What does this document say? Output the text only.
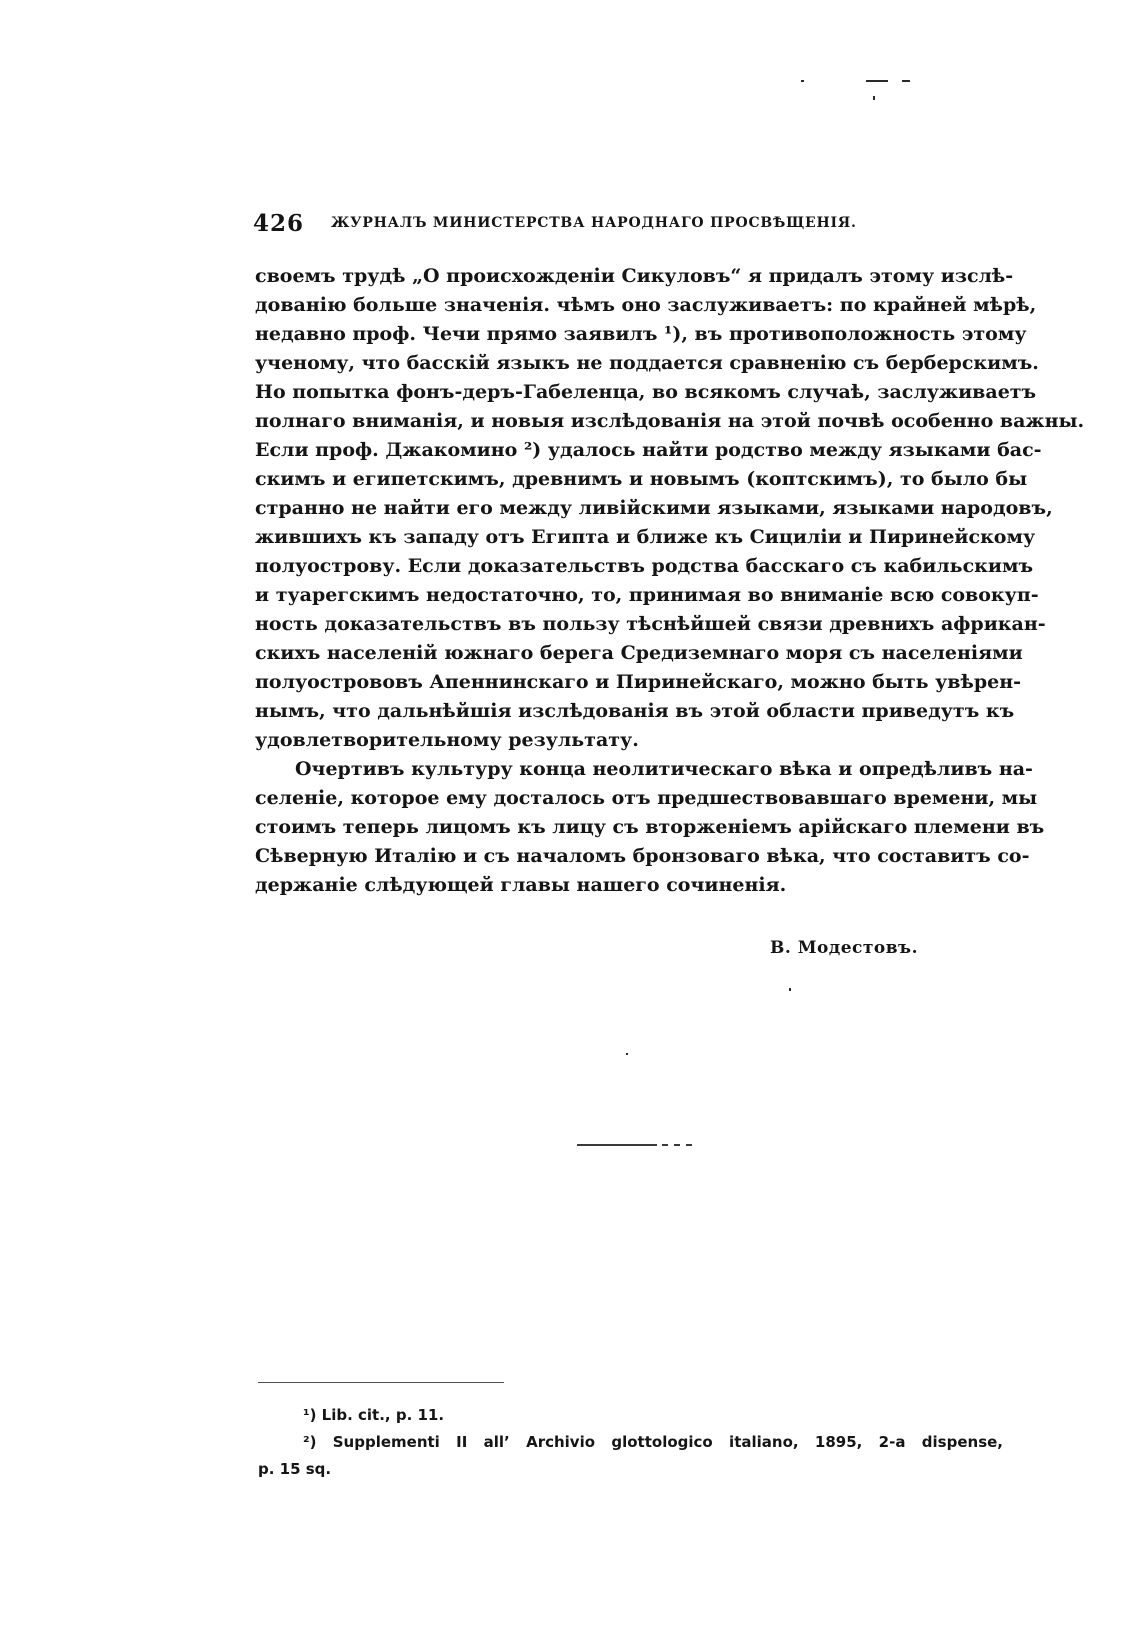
426 ЖУРНАЛЪ МИНИСТЕРСТВА НАРОДНАГО ПРОСВѢЩЕНІЯ.
своемъ трудѣ „О происхожденіи Сикуловъ“ я придалъ этому изслѣ-
дованію больше значенія. чѣмъ оно заслуживаетъ: по крайней мѣрѣ,
недавно проф. Чечи прямо заявилъ ¹), въ противоположность этому
ученому, что басскій языкъ не поддается сравненію съ берберскимъ.
Но попытка фонъ-деръ-Габеленца, во всякомъ случаѣ, заслуживаетъ
полнаго вниманія, и новыя изслѣдованія на этой почвѣ особенно важны.
Если проф. Джакомино ²) удалось найти родство между языками бас-
скимъ и египетскимъ, древнимъ и новымъ (коптскимъ), то было бы
странно не найти его между ливійскими языками, языками народовъ,
жившихъ къ западу отъ Египта и ближе къ Сициліи и Пиринейскому
полуострову. Если доказательствъ родства басскаго съ кабильскимъ
и туарегскимъ недостаточно, то, принимая во вниманіе всю совокуп-
ность доказательствъ въ пользу тѣснѣйшей связи древнихъ африкан-
скихъ населеній южнаго берега Средиземнаго моря съ населеніями
полуострововъ Апеннинскаго и Пиринейскаго, можно быть увѣрен-
нымъ, что дальнѣйшія изслѣдованія въ этой области приведутъ къ
удовлетворительному результату.
Очертивъ культуру конца неолитическаго вѣка и опредѣливъ на-
селеніе, которое ему досталось отъ предшествовавшаго времени, мы
стоимъ теперь лицомъ къ лицу съ вторженіемъ арійскаго племени въ
Сѣверную Италію и съ началомъ бронзоваго вѣка, что составитъ со-
держаніе слѣдующей главы нашего сочиненія.
В. Модестовъ.
¹) Lib. cit., p. 11.
²) Supplementi II all’ Archivio glottologico italiano, 1895, 2-a dispense,
p. 15 sq.
